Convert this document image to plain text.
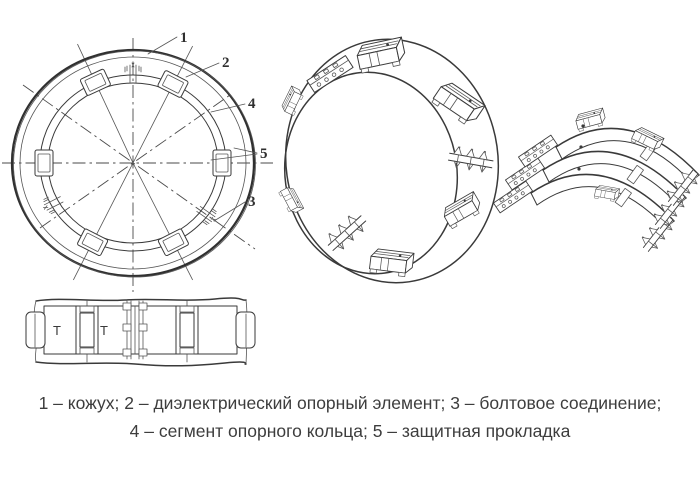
1
2
4
5
3
Т	Т
1 – кожух; 2 – диэлектрический опорный элемент; 3 – болтовое соединение;
4 – сегмент опорного кольца; 5 – защитная прокладка
